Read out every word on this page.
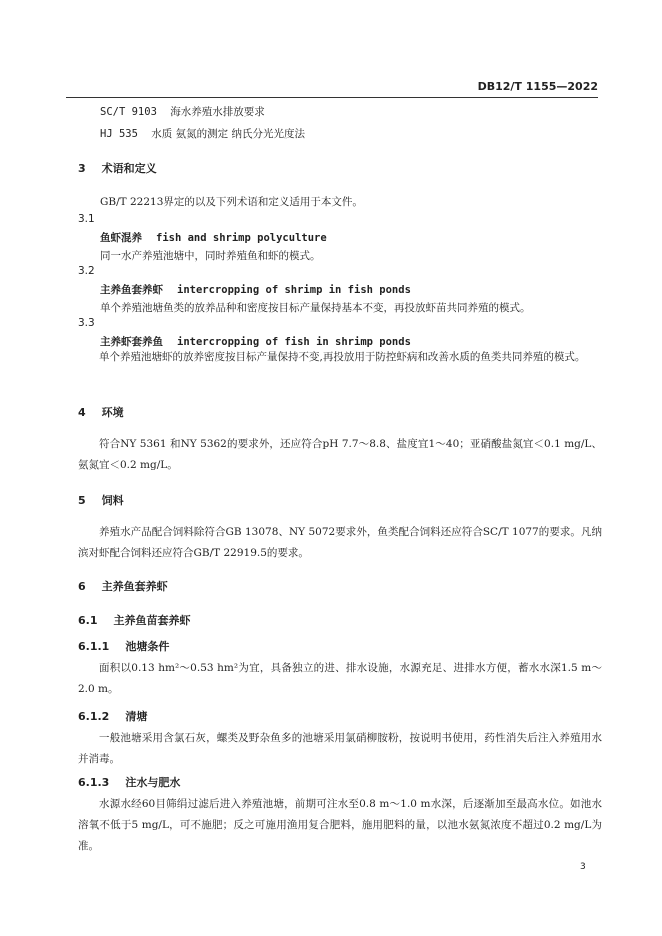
DB12/T 1155—2022
SC/T 9103 海水养殖水排放要求
HJ 535 水质 氨氮的测定 纳氏分光光度法
3 术语和定义
GB/T 22213界定的以及下列术语和定义适用于本文件。
3.1
鱼虾混养 fish and shrimp polyculture
同一水产养殖池塘中，同时养殖鱼和虾的模式。
3.2
主养鱼套养虾 intercropping of shrimp in fish ponds
单个养殖池塘鱼类的放养品种和密度按目标产量保持基本不变，再投放虾苗共同养殖的模式。
3.3
主养虾套养鱼 intercropping of fish in shrimp ponds
单个养殖池塘虾的放养密度按目标产量保持不变,再投放用于防控虾病和改善水质的鱼类共同养殖的模式。
4 环境
符合NY 5361 和NY 5362的要求外，还应符合pH 7.7～8.8、盐度宜1～40；亚硝酸盐氮宜＜0.1 mg/L、氨氮宜＜0.2 mg/L。
5 饲料
养殖水产品配合饲料除符合GB 13078、NY 5072要求外，鱼类配合饲料还应符合SC/T 1077的要求。凡纳滨对虾配合饲料还应符合GB/T 22919.5的要求。
6 主养鱼套养虾
6.1 主养鱼苗套养虾
6.1.1 池塘条件
面积以0.13 hm²～0.53 hm²为宜，具备独立的进、排水设施，水源充足、进排水方便，蓄水水深1.5 m～2.0 m。
6.1.2 清塘
一般池塘采用含氯石灰，螺类及野杂鱼多的池塘采用氯硝柳胺粉，按说明书使用，药性消失后注入养殖用水并消毒。
6.1.3 注水与肥水
水源水经60目筛绢过滤后进入养殖池塘，前期可注水至0.8 m～1.0 m水深，后逐渐加至最高水位。如池水溶氧不低于5 mg/L，可不施肥；反之可施用渔用复合肥料，施用肥料的量，以池水氨氮浓度不超过0.2 mg/L为准。
3
